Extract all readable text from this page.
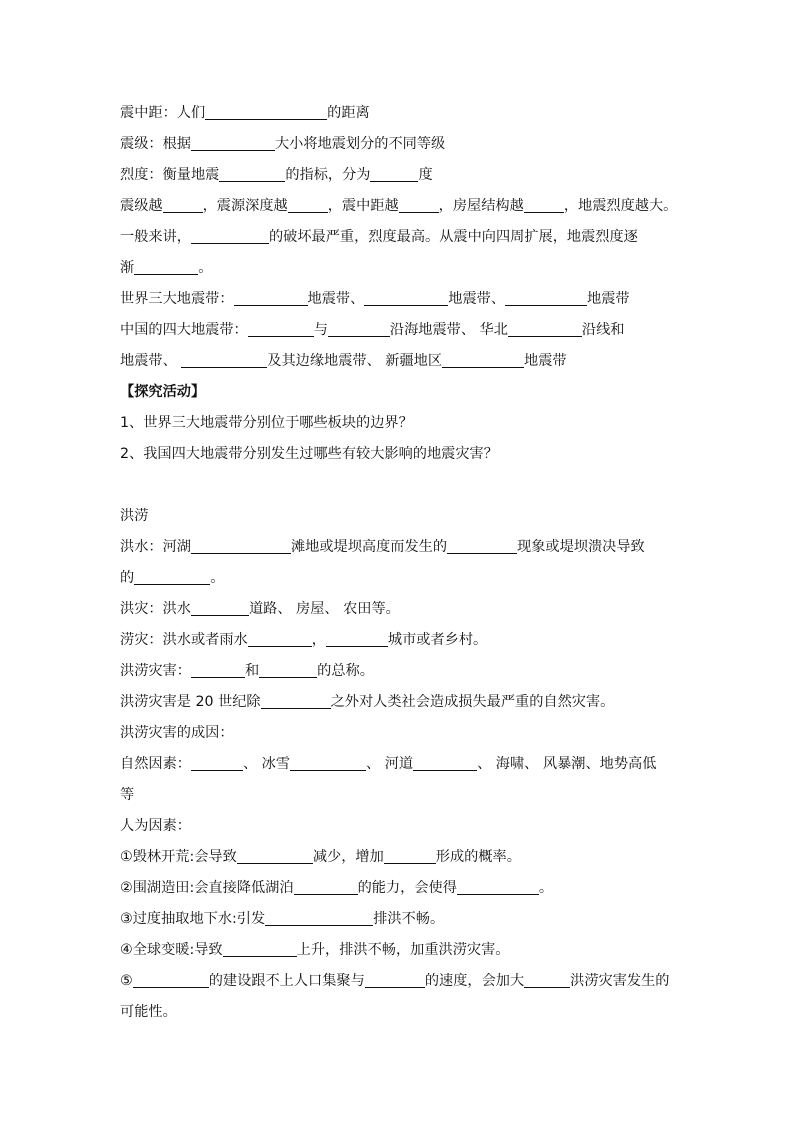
震中距：人们	的距离
震级：根据	大小将地震划分的不同等级
烈度：衡量地震	的指标，分为	度
震级越	，震源深度越	，震中距越	，房屋结构越	，地震烈度越大。
一般来讲，	的破坏最严重，烈度最高。从震中向四周扩展，地震烈度逐
渐	。
世界三大地震带：	地震带、	地震带、	地震带
中国的四大地震带：	与	沿海地震带、 华北	沿线和
地震带、	及其边缘地震带、 新疆地区	地震带
【探究活动】
1、世界三大地震带分别位于哪些板块的边界？
2、我国四大地震带分别发生过哪些有较大影响的地震灾害？
洪涝
洪水：河湖	滩地或堤坝高度而发生的	现象或堤坝溃决导致
的	。
洪灾：洪水	道路、 房屋、 农田等。
涝灾：洪水或者雨水	，	城市或者乡村。
洪涝灾害：	和	的总称。
洪涝灾害是 20 世纪除	之外对人类社会造成损失最严重的自然灾害。
洪涝灾害的成因：
自然因素：	、 冰雪	、 河道	、 海啸、 风暴潮、地势高低
等
人为因素：
①毁林开荒:会导致	减少，增加	形成的概率。
②围湖造田:会直接降低湖泊	的能力，会使得	。
③过度抽取地下水:引发	排洪不畅。
④全球变暖:导致	上升，排洪不畅，加重洪涝灾害。
⑤	的建设跟不上人口集聚与	的速度，会加大	洪涝灾害发生的
可能性。
